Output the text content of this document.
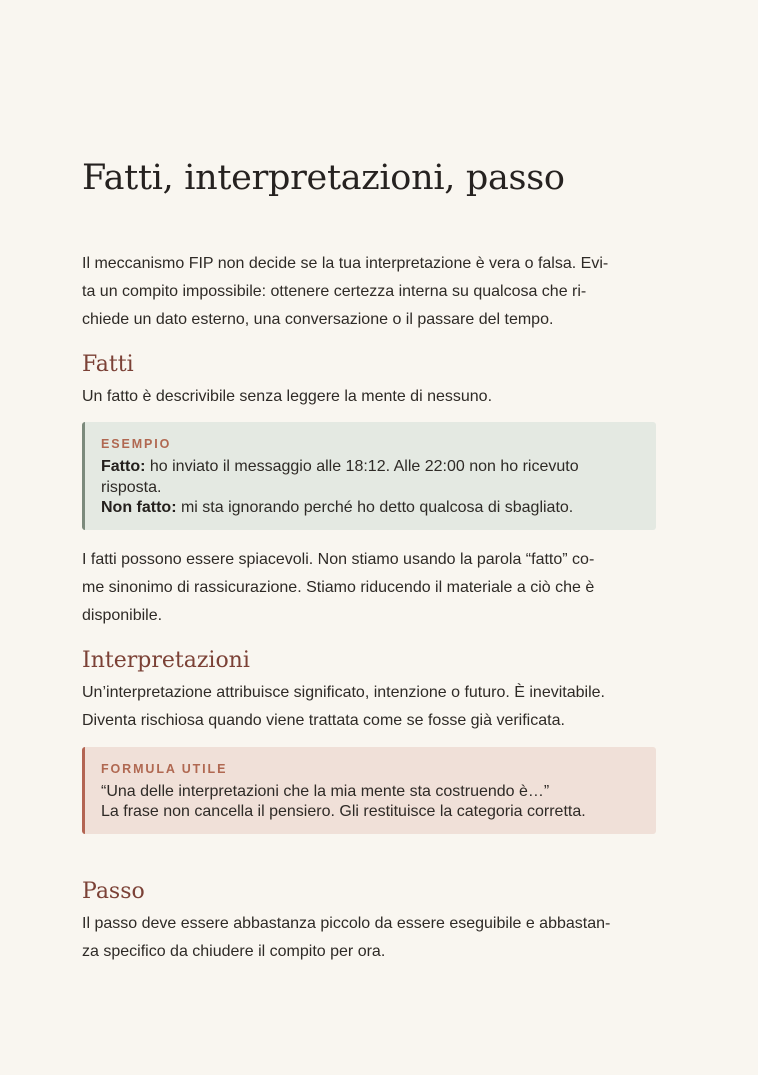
Fatti, interpretazioni, passo

Il meccanismo FIP non decide se la tua interpretazione è vera o falsa. Evi-
ta un compito impossibile: ottenere certezza interna su qualcosa che ri-
chiede un dato esterno, una conversazione o il passare del tempo.

Fatti

Un fatto è descrivibile senza leggere la mente di nessuno.

ESEMPIO
Fatto: ho inviato il messaggio alle 18:12. Alle 22:00 non ho ricevuto
risposta.
Non fatto: mi sta ignorando perché ho detto qualcosa di sbagliato.

I fatti possono essere spiacevoli. Non stiamo usando la parola “fatto” co-
me sinonimo di rassicurazione. Stiamo riducendo il materiale a ciò che è
disponibile.

Interpretazioni

Un’interpretazione attribuisce significato, intenzione o futuro. È inevitabile.
Diventa rischiosa quando viene trattata come se fosse già verificata.

FORMULA UTILE
“Una delle interpretazioni che la mia mente sta costruendo è…”
La frase non cancella il pensiero. Gli restituisce la categoria corretta.
Passo

Il passo deve essere abbastanza piccolo da essere eseguibile e abbastan-
za specifico da chiudere il compito per ora.
